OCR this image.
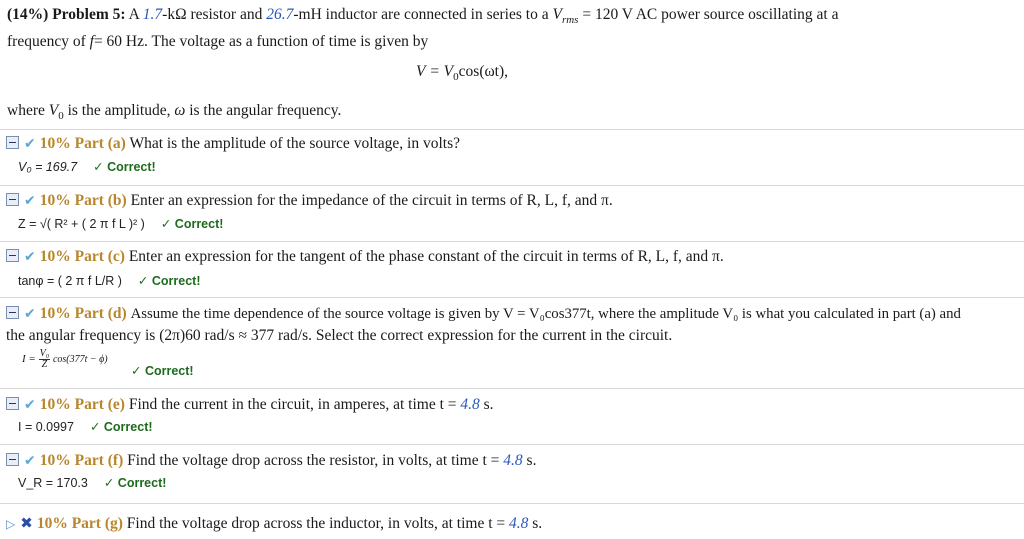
(14%) Problem 5: A 1.7-kΩ resistor and 26.7-mH inductor are connected in series to a $V_{rms} = 120$ V AC power source oscillating at a
frequency of f= 60 Hz. The voltage as a function of time is given by
$V = V_0\cos(\omega t)$,
where $V_0$ is the amplitude, ω is the angular frequency.
✔ 10% Part (a) What is the amplitude of the source voltage, in volts?
V₀ = 169.7 ✓ Correct!
✔ 10% Part (b) Enter an expression for the impedance of the circuit in terms of R, L, f, and π.
Z = √( R² + ( 2 π f L )² ) ✓ Correct!
✔ 10% Part (c) Enter an expression for the tangent of the phase constant of the circuit in terms of R, L, f, and π.
tanφ = ( 2 π f L/R ) ✓ Correct!
✔ 10% Part (d) Assume the time dependence of the source voltage is given by V = V₀cos377t, where the amplitude V₀ is what you calculated in part (a) and
the angular frequency is (2π)60 rad/s ≈ 377 rad/s. Select the correct expression for the current in the circuit.
$I = \frac{\text{V₀}}{Z} \cos(377t - \phi)$
✓ Correct!
✔ 10% Part (e) Find the current in the circuit, in amperes, at time t = 4.8 s.
I = 0.0997 ✓ Correct!
✔ 10% Part (f) Find the voltage drop across the resistor, in volts, at time t = 4.8 s.
V_R = 170.3 ✓ Correct!
▷ ✖ 10% Part (g) Find the voltage drop across the inductor, in volts, at time t = 4.8 s.
